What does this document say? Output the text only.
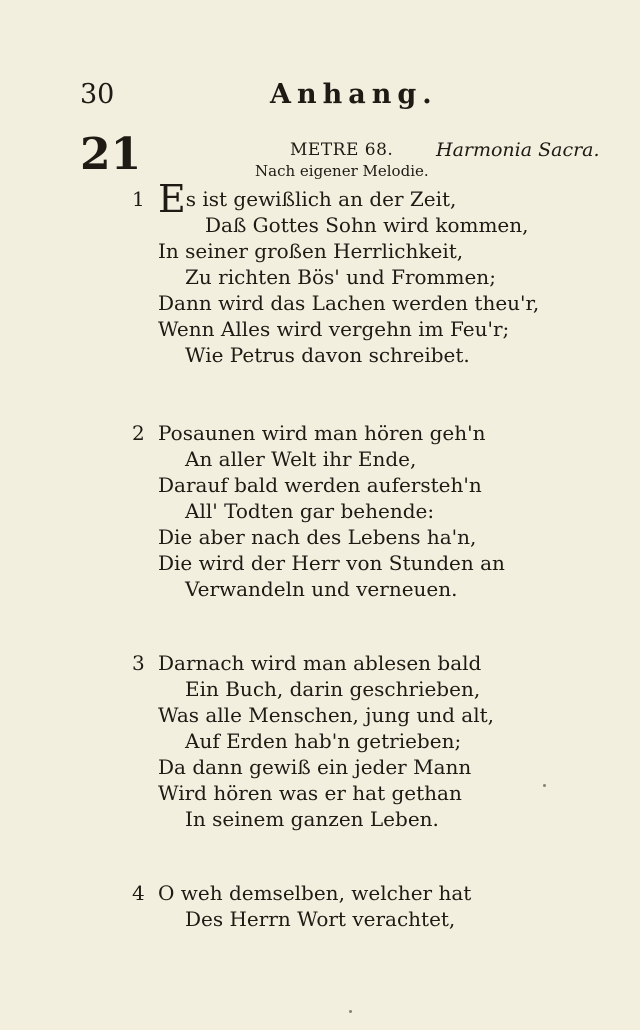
30	Anhang.
21	METRE 68. Harmonia Sacra.
Nach eigener Melodie.
1 Es ist gewißlich an der Zeit,
Daß Gottes Sohn wird kommen,
In seiner großen Herrlichkeit,
Zu richten Bös' und Frommen;
Dann wird das Lachen werden theu'r,
Wenn Alles wird vergehn im Feu'r;
Wie Petrus davon schreibet.
2 Posaunen wird man hören geh'n
An aller Welt ihr Ende,
Darauf bald werden aufersteh'n
All' Todten gar behende:
Die aber nach des Lebens ha'n,
Die wird der Herr von Stunden an
Verwandeln und verneuen.
3 Darnach wird man ablesen bald
Ein Buch, darin geschrieben,
Was alle Menschen, jung und alt,
Auf Erden hab'n getrieben;
Da dann gewiß ein jeder Mann
Wird hören was er hat gethan
In seinem ganzen Leben.
4 O weh demselben, welcher hat
Des Herrn Wort verachtet,
